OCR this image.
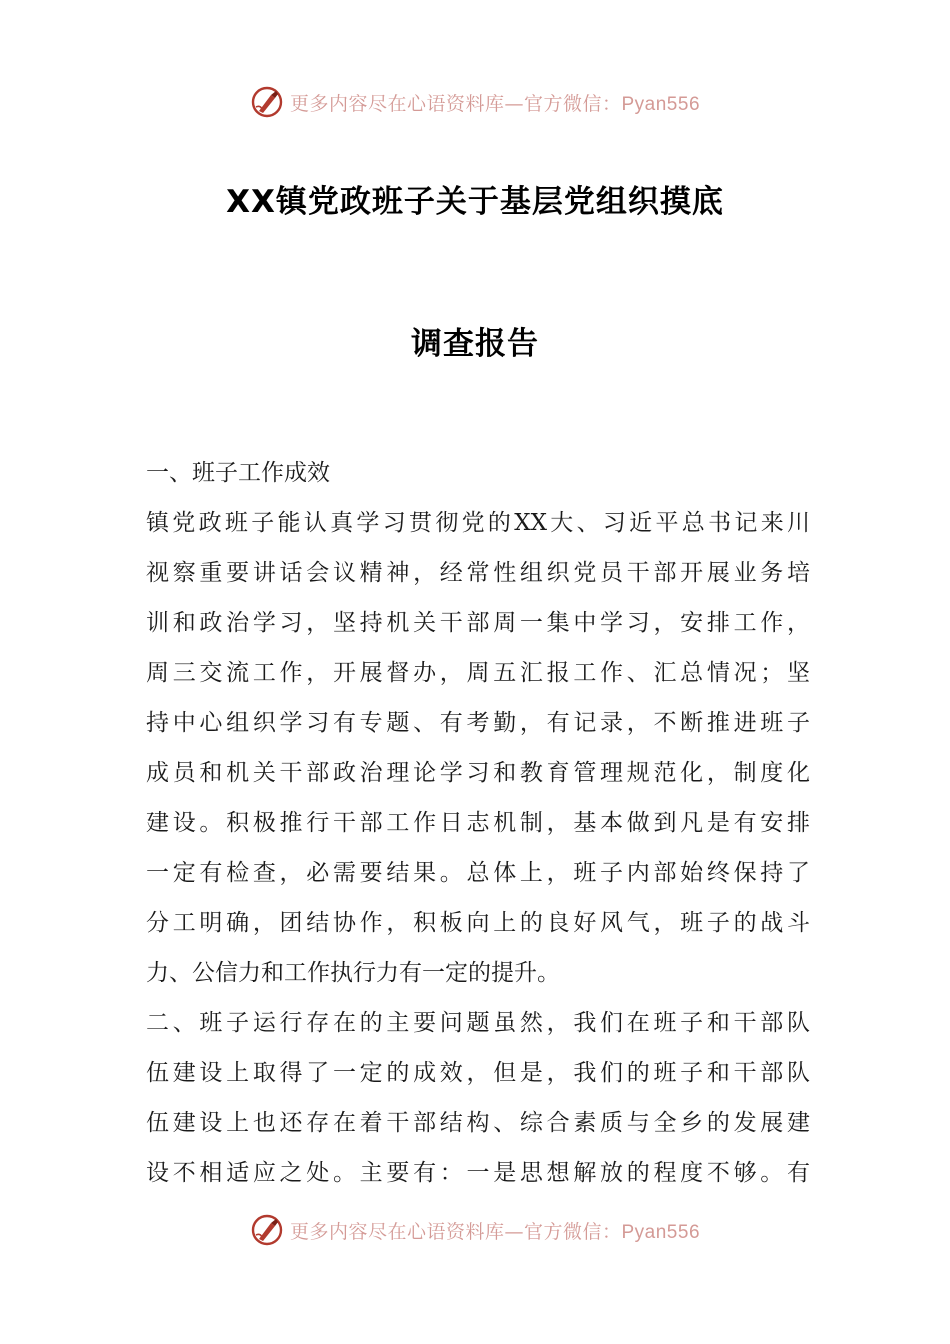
更多内容尽在心语资料库—官方微信：Pyan556
XX镇党政班子关于基层党组织摸底
调查报告
一、班子工作成效
镇党政班子能认真学习贯彻党的XX大、习近平总书记来川
视察重要讲话会议精神，经常性组织党员干部开展业务培
训和政治学习，坚持机关干部周一集中学习，安排工作，
周三交流工作，开展督办，周五汇报工作、汇总情况；坚
持中心组织学习有专题、有考勤，有记录，不断推进班子
成员和机关干部政治理论学习和教育管理规范化，制度化
建设。积极推行干部工作日志机制，基本做到凡是有安排
一定有检查，必需要结果。总体上，班子内部始终保持了
分工明确，团结协作，积板向上的良好风气，班子的战斗
力、公信力和工作执行力有一定的提升。
二、班子运行存在的主要问题虽然，我们在班子和干部队
伍建设上取得了一定的成效，但是，我们的班子和干部队
伍建设上也还存在着干部结构、综合素质与全乡的发展建
设不相适应之处。主要有：一是思想解放的程度不够。有
更多内容尽在心语资料库—官方微信：Pyan556
